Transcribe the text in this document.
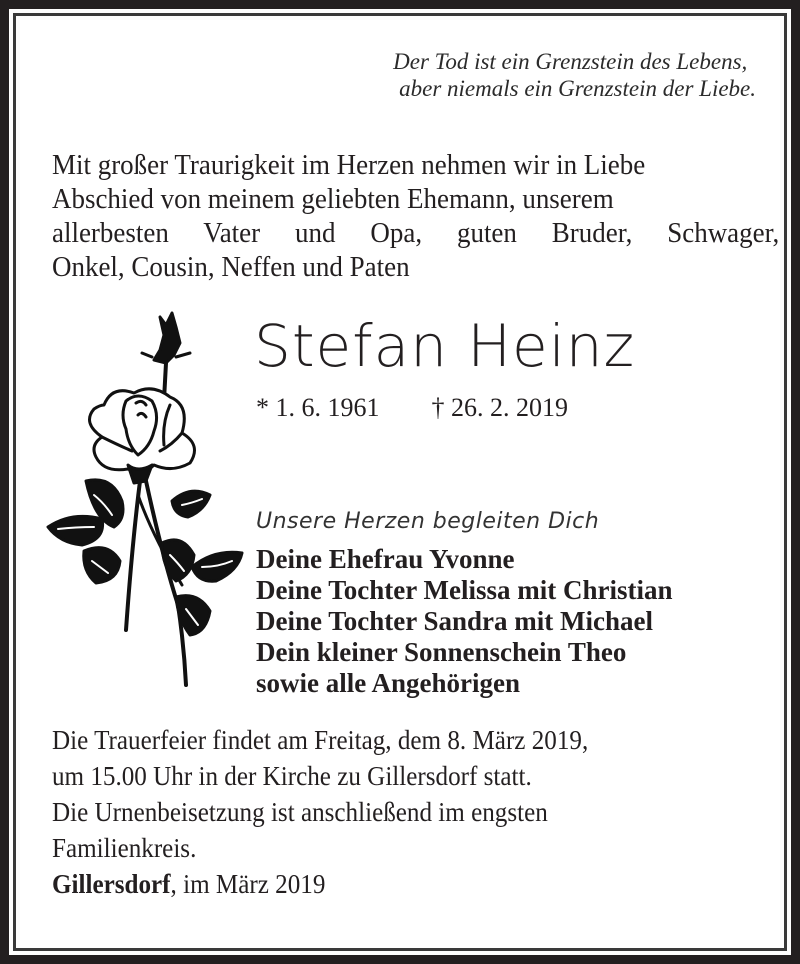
Der Tod ist ein Grenzstein des Lebens,
aber niemals ein Grenzstein der Liebe.
Mit großer Traurigkeit im Herzen nehmen wir in Liebe
Abschied von meinem geliebten Ehemann, unserem
allerbesten Vater und Opa, guten Bruder, Schwager,
Onkel, Cousin, Neffen und Paten
Stefan Heinz
* 1. 6. 1961 † 26. 2. 2019
Unsere Herzen begleiten Dich
Deine Ehefrau Yvonne
Deine Tochter Melissa mit Christian
Deine Tochter Sandra mit Michael
Dein kleiner Sonnenschein Theo
sowie alle Angehörigen
Die Trauerfeier findet am Freitag, dem 8. März 2019,
um 15.00 Uhr in der Kirche zu Gillersdorf statt.
Die Urnenbeisetzung ist anschließend im engsten
Familienkreis.
Gillersdorf, im März 2019
